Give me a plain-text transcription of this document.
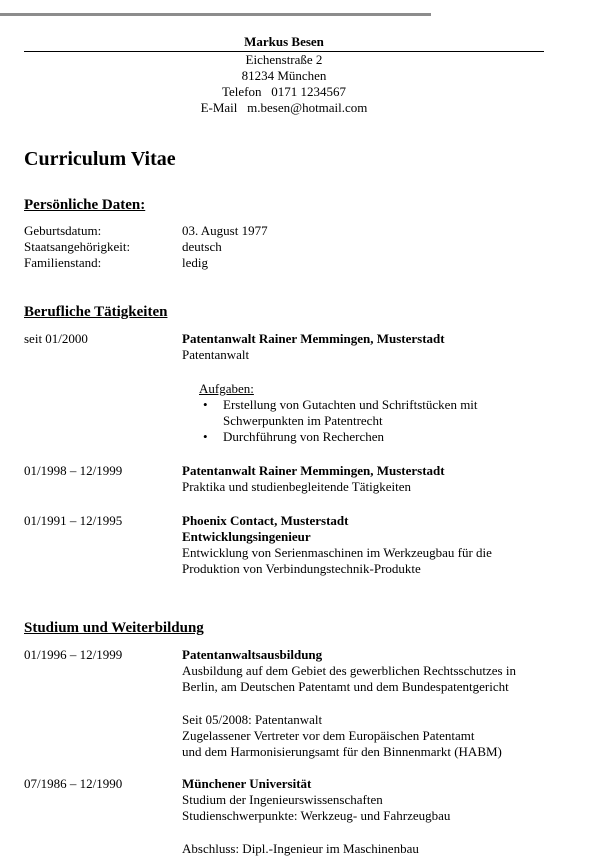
Markus Besen
Eichenstraße 2
81234 München
Telefon   0171 1234567
E-Mail   m.besen@hotmail.com
Curriculum Vitae
Persönliche Daten:
Geburtsdatum:	03. August 1977
Staatsangehörigkeit:	deutsch
Familienstand:	ledig
Berufliche Tätigkeiten
seit 01/2000	Patentanwalt Rainer Memmingen, Musterstadt
Patentanwalt
Aufgaben:
• Erstellung von Gutachten und Schriftstücken mit
Schwerpunkten im Patentrecht
• Durchführung von Recherchen
01/1998 – 12/1999	Patentanwalt Rainer Memmingen, Musterstadt
Praktika und studienbegleitende Tätigkeiten
01/1991 – 12/1995	Phoenix Contact, Musterstadt
Entwicklungsingenieur
Entwicklung von Serienmaschinen im Werkzeugbau für die
Produktion von Verbindungstechnik-Produkte
Studium und Weiterbildung
01/1996 – 12/1999	Patentanwaltsausbildung
Ausbildung auf dem Gebiet des gewerblichen Rechtsschutzes in
Berlin, am Deutschen Patentamt und dem Bundespatentgericht
Seit 05/2008: Patentanwalt
Zugelassener Vertreter vor dem Europäischen Patentamt
und dem Harmonisierungsamt für den Binnenmarkt (HABM)
07/1986 – 12/1990	Münchener Universität
Studium der Ingenieurswissenschaften
Studienschwerpunkte: Werkzeug- und Fahrzeugbau
Abschluss: Dipl.-Ingenieur im Maschinenbau
